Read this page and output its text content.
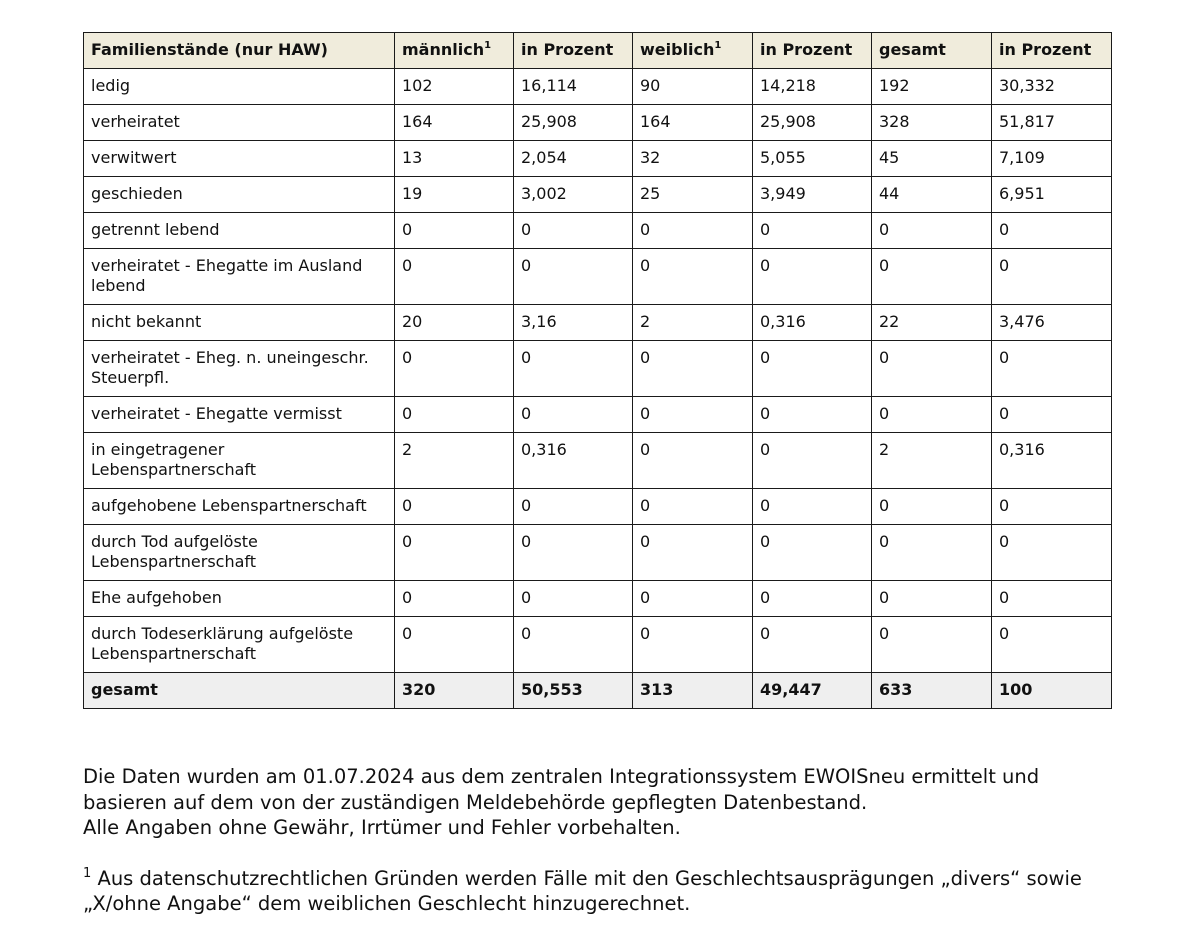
Familienstände (nur HAW)	männlich$^1$	in Prozent	weiblich$^1$	in Prozent	gesamt	in Prozent
ledig	102	16,114	90	14,218	192	30,332
verheiratet	164	25,908	164	25,908	328	51,817
verwitwert	13	2,054	32	5,055	45	7,109
geschieden	19	3,002	25	3,949	44	6,951
getrennt lebend	0	0	0	0	0	0
verheiratet - Ehegatte im Ausland lebend	0	0	0	0	0	0
nicht bekannt	20	3,16	2	0,316	22	3,476
verheiratet - Eheg. n. uneingeschr. Steuerpfl.	0	0	0	0	0	0
verheiratet - Ehegatte vermisst	0	0	0	0	0	0
in eingetragener Lebenspartnerschaft	2	0,316	0	0	2	0,316
aufgehobene Lebenspartnerschaft	0	0	0	0	0	0
durch Tod aufgelöste Lebenspartnerschaft	0	0	0	0	0	0
Ehe aufgehoben	0	0	0	0	0	0
durch Todeserklärung aufgelöste Lebenspartnerschaft	0	0	0	0	0	0
gesamt	320	50,553	313	49,447	633	100

Die Daten wurden am 01.07.2024 aus dem zentralen Integrationssystem EWOISneu ermittelt und basieren auf dem von der zuständigen Meldebehörde gepflegten Datenbestand.

Alle Angaben ohne Gewähr, Irrtümer und Fehler vorbehalten.

$^1$ Aus datenschutzrechtlichen Gründen werden Fälle mit den Geschlechtsausprägungen „divers“ sowie „X/ohne Angabe“ dem weiblichen Geschlecht hinzugerechnet.
